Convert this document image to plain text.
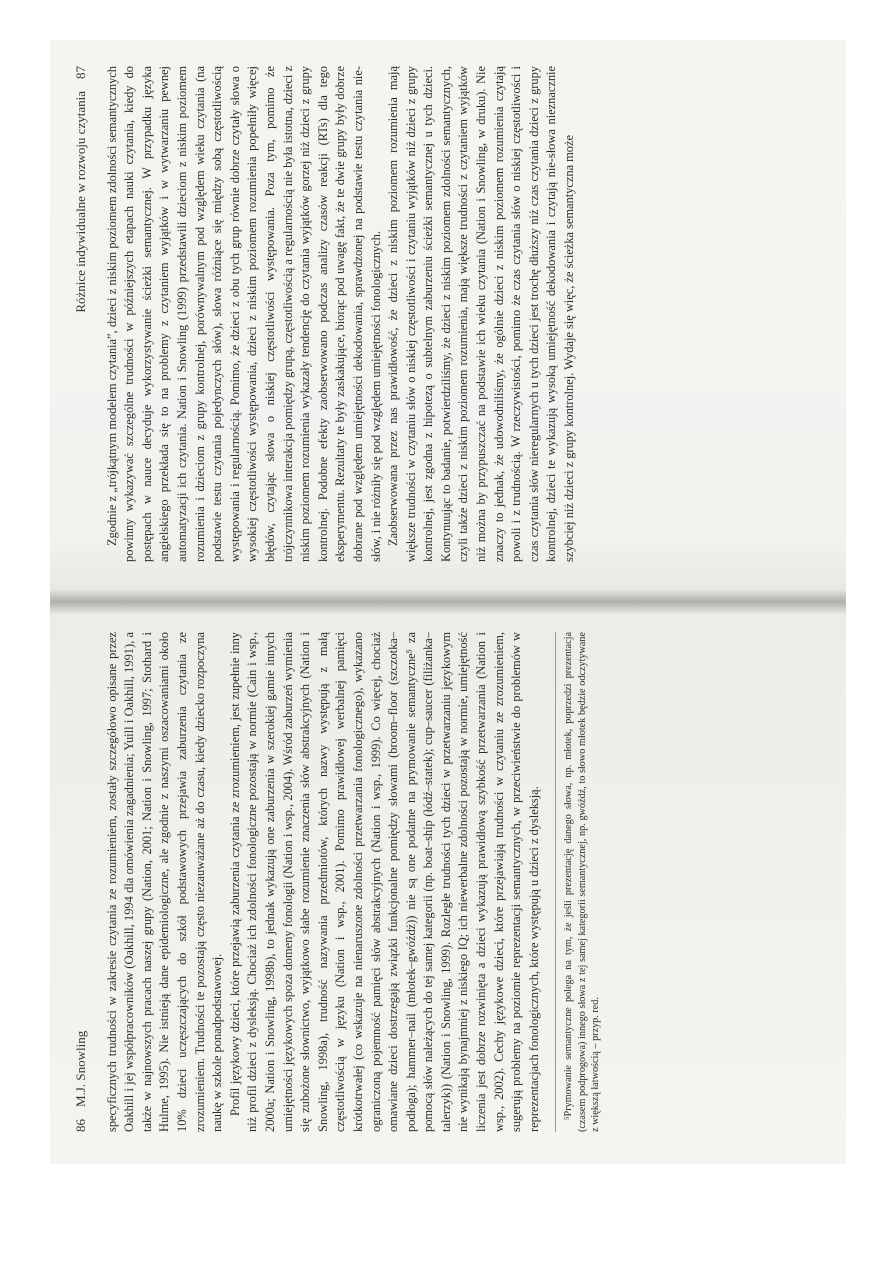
86
M.J. Snowling specyficznych trudności w zakresie czytania ze rozumieniem, zostały szczegółowo opisane przez Oakhill i jej współpracowników (Oakhill, 1994 dla omówienia zagadnienia; Yuill i Oakhill, 1991), a także w najnowszych pracach naszej grupy (Nation, 2001; Nation i Snowling, 1997; Stothard i Hulme, 1995). Nie istnieją dane epidemiologiczne, ale zgodnie z naszymi oszacowaniami około 10% dzieci uczęszczających do szkół podstawowych przejawia zaburzenia czytania ze zrozumieniem. Trudności te pozostają często niezauważane aż do czasu, kiedy dziecko rozpoczyna naukę w szkole ponadpodstawowej. Profil językowy dzieci, które przejawią zaburzenia czytania ze zrozumieniem, jest zupełnie inny niż profil dzieci z dysleksją. Chociaż ich zdolności fonologiczne pozostają w normie (Cain i wsp., 2000a; Nation i Snowling, 1998b), to jednak wykazują one zaburzenia w szerokiej gamie innych umiejętności językowych spoza domeny fonologii (Nation i wsp., 2004). Wśród zaburzeń wymienia się zubożone słownictwo, wyjątkowo słabe rozumienie znaczenia słów abstrakcyjnych (Nation i Snowling, 1998a), trudność nazywania przedmiotów, których nazwy występują z małą częstotliwością w języku (Nation i wsp., 2001). Pomimo prawidłowej werbalnej pamięci krótkotrwałej (co wskazuje na nienaruszone zdolności przetwarzania fonologicznego), wykazano ograniczoną pojemność pamięci słów abstrakcyjnych (Nation i wsp., 1999). Co więcej, chociaż omawiane dzieci dostrzegają związki funkcjonalne pomiędzy słowami (broom–floor (szczotka–podłoga); hammer–nail (młotek–gwóźdź)) nie są one podatne na prymowanie semantyczne⁵ za pomocą słów należących do tej samej kategorii (np. boat–ship (łódź–statek); cup–saucer (filiżanka–talerzyk)) (Nation i Snowling, 1999). Rozległe trudności tych dzieci w przetwarzaniu językowym nie wynikają bynajmniej z niskiego IQ; ich niewerbalne zdolności pozostają w normie, umiejętność liczenia jest dobrze rozwinięta a dzieci wykazują prawidłową szybkość przetwarzania (Nation i wsp., 2002). Cechy językowe dzieci, które przejawiają trudności w czytaniu ze zrozumieniem, sugerują problemy na poziomie reprezentacji semantycznych, w przeciwieństwie do problemów w reprezentacjach fonologicznych, które występują u dzieci z dysleksją.	⁵Prymowanie semantyczne polega na tym, że jeśli prezentację danego słowa, np. młotek, poprzedzi prezentacja (czasem podprogowa) innego słowa z tej samej kategorii semantycznej, np. gwóźdź, to słowo młotek będzie odczytywane z większą łatwością – przyp. red.

Różnice indywidualne w rozwoju czytania
87 Zgodnie z „trójkątnym modelem czytania”, dzieci z niskim poziomem zdolności semantycznych powinny wykazywać szczególne trudności w późniejszych etapach nauki czytania, kiedy do postępach w nauce decyduje wykorzystywanie ścieżki semantycznej. W przypadku języka angielskiego przekłada się to na problemy z czytaniem wyjątków i w wytwarzaniu pewnej automatyzacji ich czytania. Nation i Snowling (1999) przedstawili dzieciom z niskim poziomem rozumienia i dzieciom z grupy kontrolnej, porównywalnym pod względem wieku czytania (na podstawie testu czytania pojedynczych słów), słowa różniące się między sobą częstotliwością występowania i regularnością. Pomimo, że dzieci z obu tych grup równie dobrze czytały słowa o wysokiej częstotliwości występowania, dzieci z niskim poziomem rozumienia popełniły więcej błędów, czytając słowa o niskiej częstotliwości występowania. Poza tym, pomimo że trójczynnikowa interakcja pomiędzy grupą, częstotliwością a regularnością nie była istotna, dzieci z niskim poziomem rozumienia wykazały tendencję do czytania wyjątków gorzej niż dzieci z grupy kontrolnej. Podobne efekty zaobserwowano podczas analizy czasów reakcji (RTs) dla tego eksperymentu. Rezultaty te były zaskakujące, biorąc pod uwagę fakt, że te dwie grupy były dobrze dobrane pod względem umiejętności dekodowania, sprawdzonej na podstawie testu czytania nie-słów, i nie różniły się pod względem umiejętności fonologicznych. Zaobserwowana przez nas prawidłowość, że dzieci z niskim poziomem rozumienia mają większe trudności w czytaniu słów o niskiej częstotliwości i czytaniu wyjątków niż dzieci z grupy kontrolnej, jest zgodna z hipotezą o subtelnym zaburzeniu ścieżki semantycznej u tych dzieci. Kontynuując to badanie, potwierdziliśmy, że dzieci z niskim poziomem zdolności semantycznych, czyli także dzieci z niskim poziomem rozumienia, mają większe trudności z czytaniem wyjątków niż można by przypuszczać na podstawie ich wieku czytania (Nation i Snowling, w druku). Nie znaczy to jednak, że udowodniliśmy, że ogólnie dzieci z niskim poziomem rozumienia czytają powoli i z trudnością. W rzeczywistości, pomimo że czas czytania słów o niskiej częstotliwości i czas czytania słów nieregularnych u tych dzieci jest trochę dłuższy niż czas czytania dzieci z grupy kontrolnej, dzieci te wykazują wysoką umiejętność dekodowania i czytają nie-słowa nieznacznie szybciej niż dzieci z grupy kontrolnej. Wydaje się więc, że ścieżka semantyczna może
